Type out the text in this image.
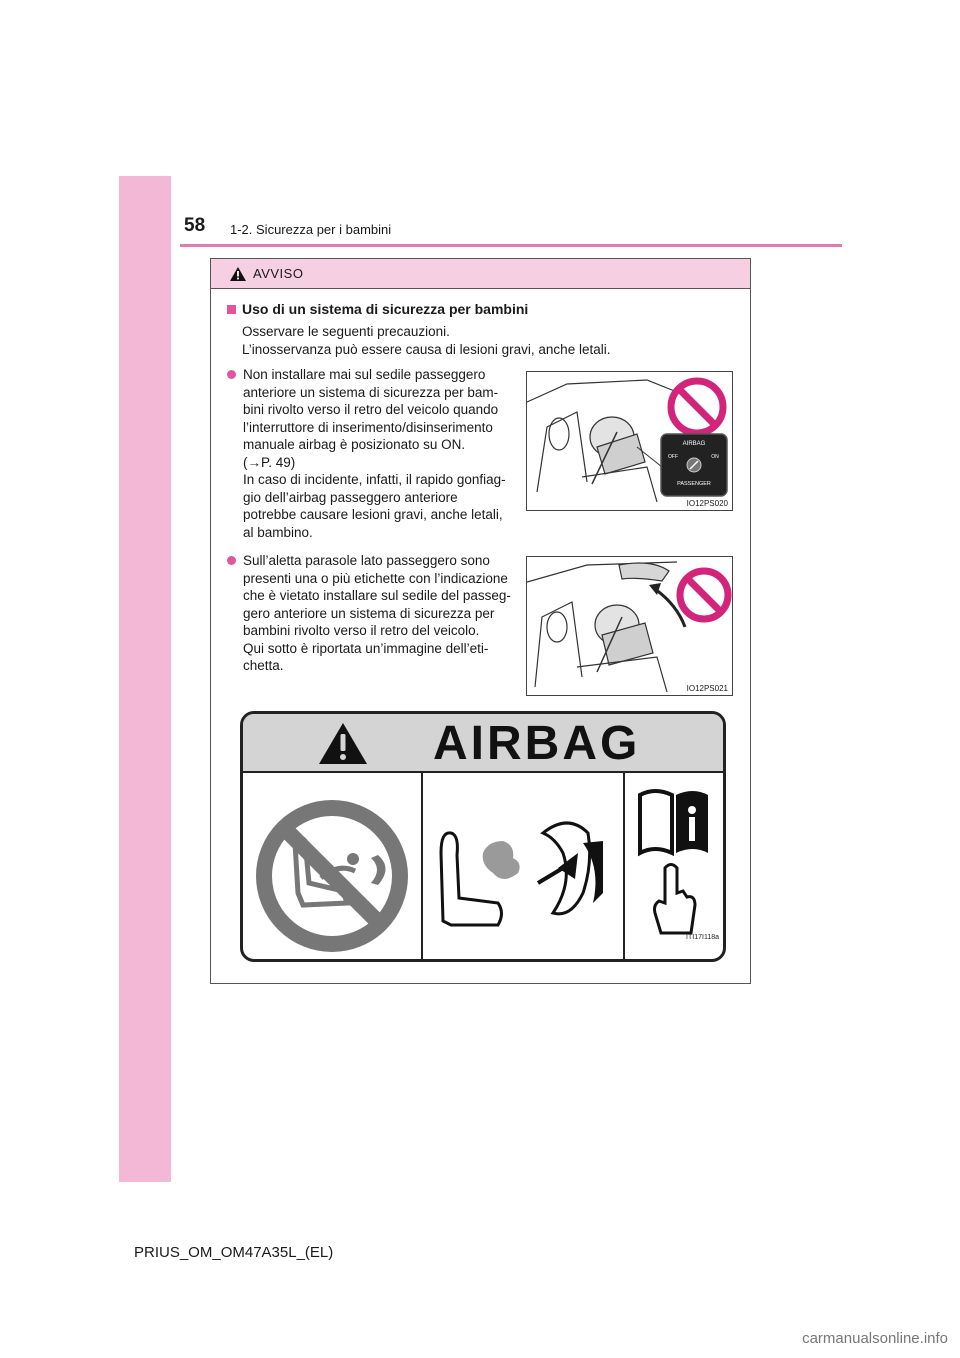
58 1-2. Sicurezza per i bambini
AVVISO
Uso di un sistema di sicurezza per bambini
Osservare le seguenti precauzioni.
L’inosservanza può essere causa di lesioni gravi, anche letali.
Non installare mai sul sedile passeggero
anteriore un sistema di sicurezza per bam-
bini rivolto verso il retro del veicolo quando
l’interruttore di inserimento/disinserimento
manuale airbag è posizionato su ON.
(→P. 49)
In caso di incidente, infatti, il rapido gonfiag-
gio dell’airbag passeggero anteriore
potrebbe causare lesioni gravi, anche letali,
al bambino.
AIRBAG
OFF	ON
PASSENGER
IO12PS020
Sull’aletta parasole lato passeggero sono
presenti una o più etichette con l’indicazione
che è vietato installare sul sedile del passeg-
gero anteriore un sistema di sicurezza per
bambini rivolto verso il retro del veicolo.
Qui sotto è riportata un’immagine dell’eti-
chetta.
IO12PS021
AIRBAG
ITI17I118a
PRIUS_OM_OM47A35L_(EL)
carmanualsonline.info
